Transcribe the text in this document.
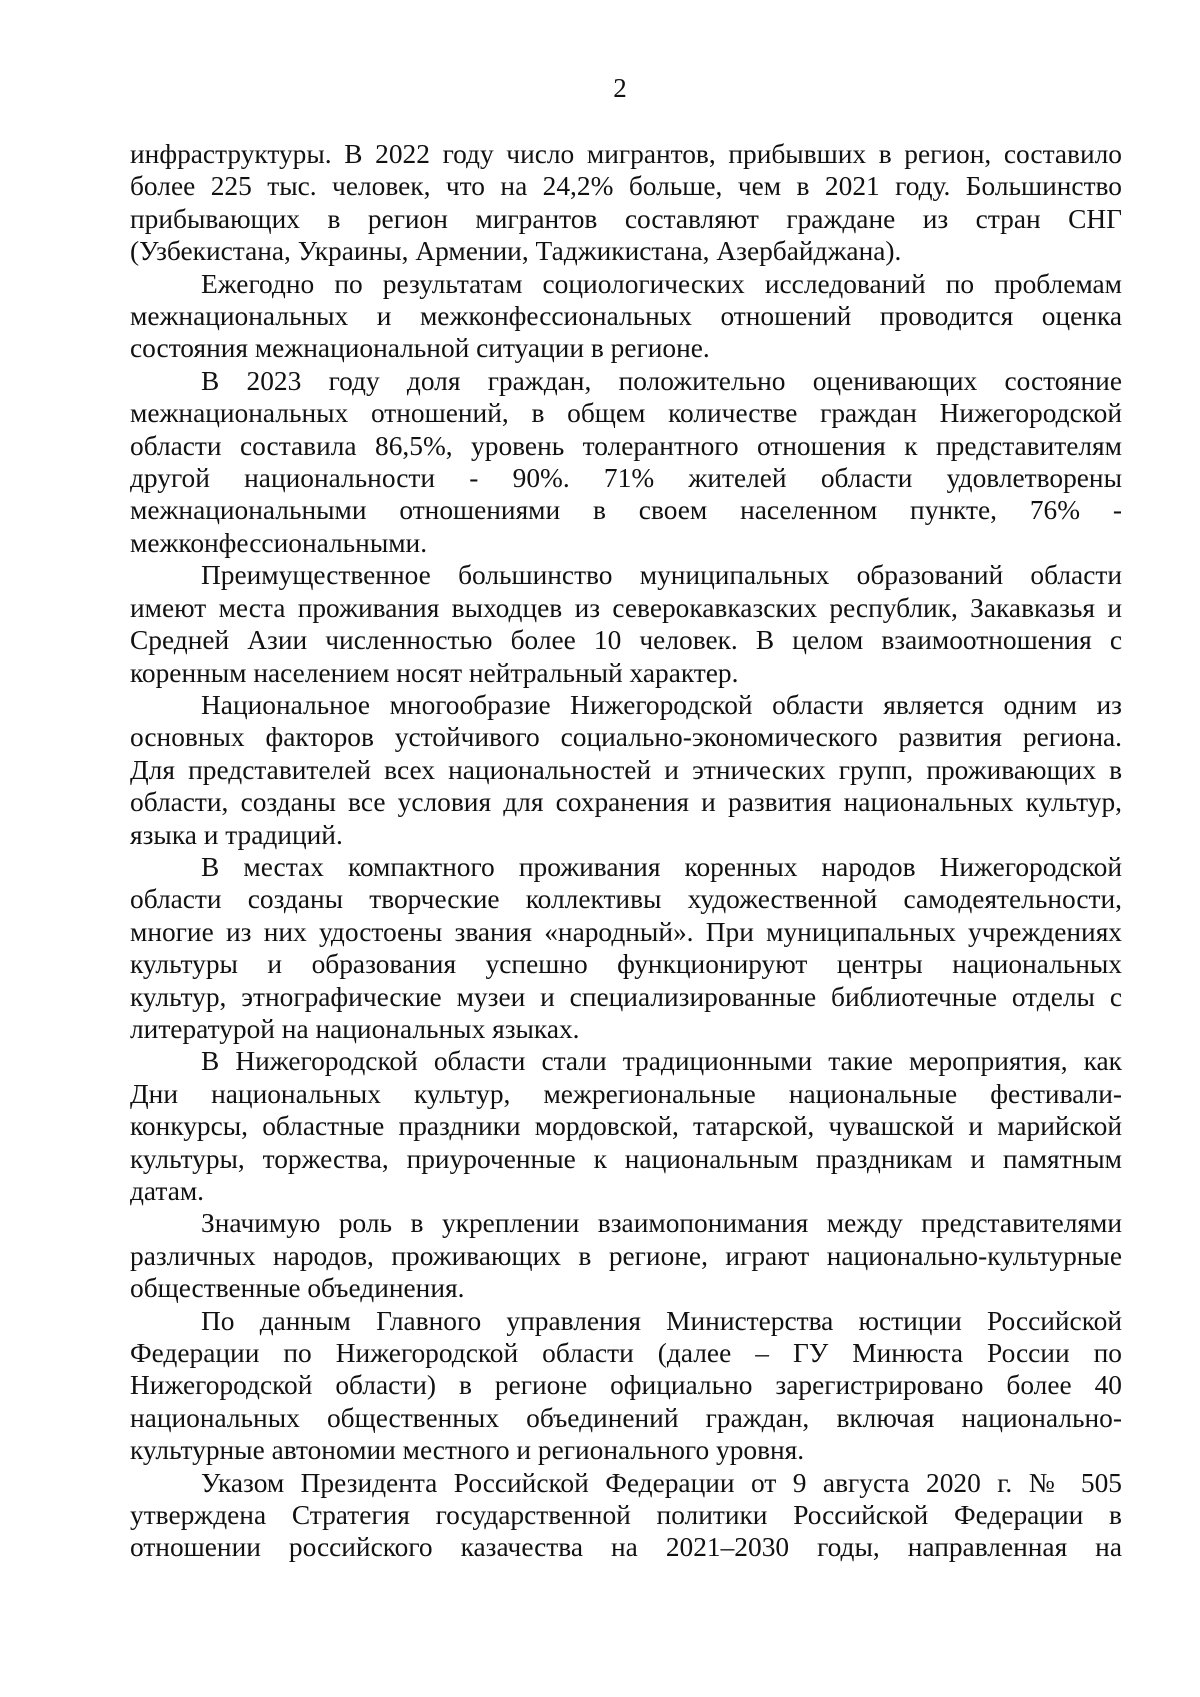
2
инфраструктуры. В 2022 году число мигрантов, прибывших в регион, составило
более 225 тыс. человек, что на 24,2% больше, чем в 2021 году. Большинство
прибывающих в регион мигрантов составляют граждане из стран СНГ
(Узбекистана, Украины, Армении, Таджикистана, Азербайджана).
Ежегодно по результатам социологических исследований по проблемам
межнациональных и межконфессиональных отношений проводится оценка
состояния межнациональной ситуации в регионе.
В 2023 году доля граждан, положительно оценивающих состояние
межнациональных отношений, в общем количестве граждан Нижегородской
области составила 86,5%, уровень толерантного отношения к представителям
другой национальности - 90%. 71% жителей области удовлетворены
межнациональными отношениями в своем населенном пункте, 76% -
межконфессиональными.
Преимущественное большинство муниципальных образований области
имеют места проживания выходцев из северокавказских республик, Закавказья и
Средней Азии численностью более 10 человек. В целом взаимоотношения с
коренным населением носят нейтральный характер.
Национальное многообразие Нижегородской области является одним из
основных факторов устойчивого социально-экономического развития региона.
Для представителей всех национальностей и этнических групп, проживающих в
области, созданы все условия для сохранения и развития национальных культур,
языка и традиций.
В местах компактного проживания коренных народов Нижегородской
области созданы творческие коллективы художественной самодеятельности,
многие из них удостоены звания «народный». При муниципальных учреждениях
культуры и образования успешно функционируют центры национальных
культур, этнографические музеи и специализированные библиотечные отделы с
литературой на национальных языках.
В Нижегородской области стали традиционными такие мероприятия, как
Дни национальных культур, межрегиональные национальные фестивали-
конкурсы, областные праздники мордовской, татарской, чувашской и марийской
культуры, торжества, приуроченные к национальным праздникам и памятным
датам.
Значимую роль в укреплении взаимопонимания между представителями
различных народов, проживающих в регионе, играют национально-культурные
общественные объединения.
По данным Главного управления Министерства юстиции Российской
Федерации по Нижегородской области (далее – ГУ Минюста России по
Нижегородской области) в регионе официально зарегистрировано более 40
национальных общественных объединений граждан, включая национально-
культурные автономии местного и регионального уровня.
Указом Президента Российской Федерации от 9 августа 2020 г. № 505
утверждена Стратегия государственной политики Российской Федерации в
отношении российского казачества на 2021–2030 годы, направленная на
